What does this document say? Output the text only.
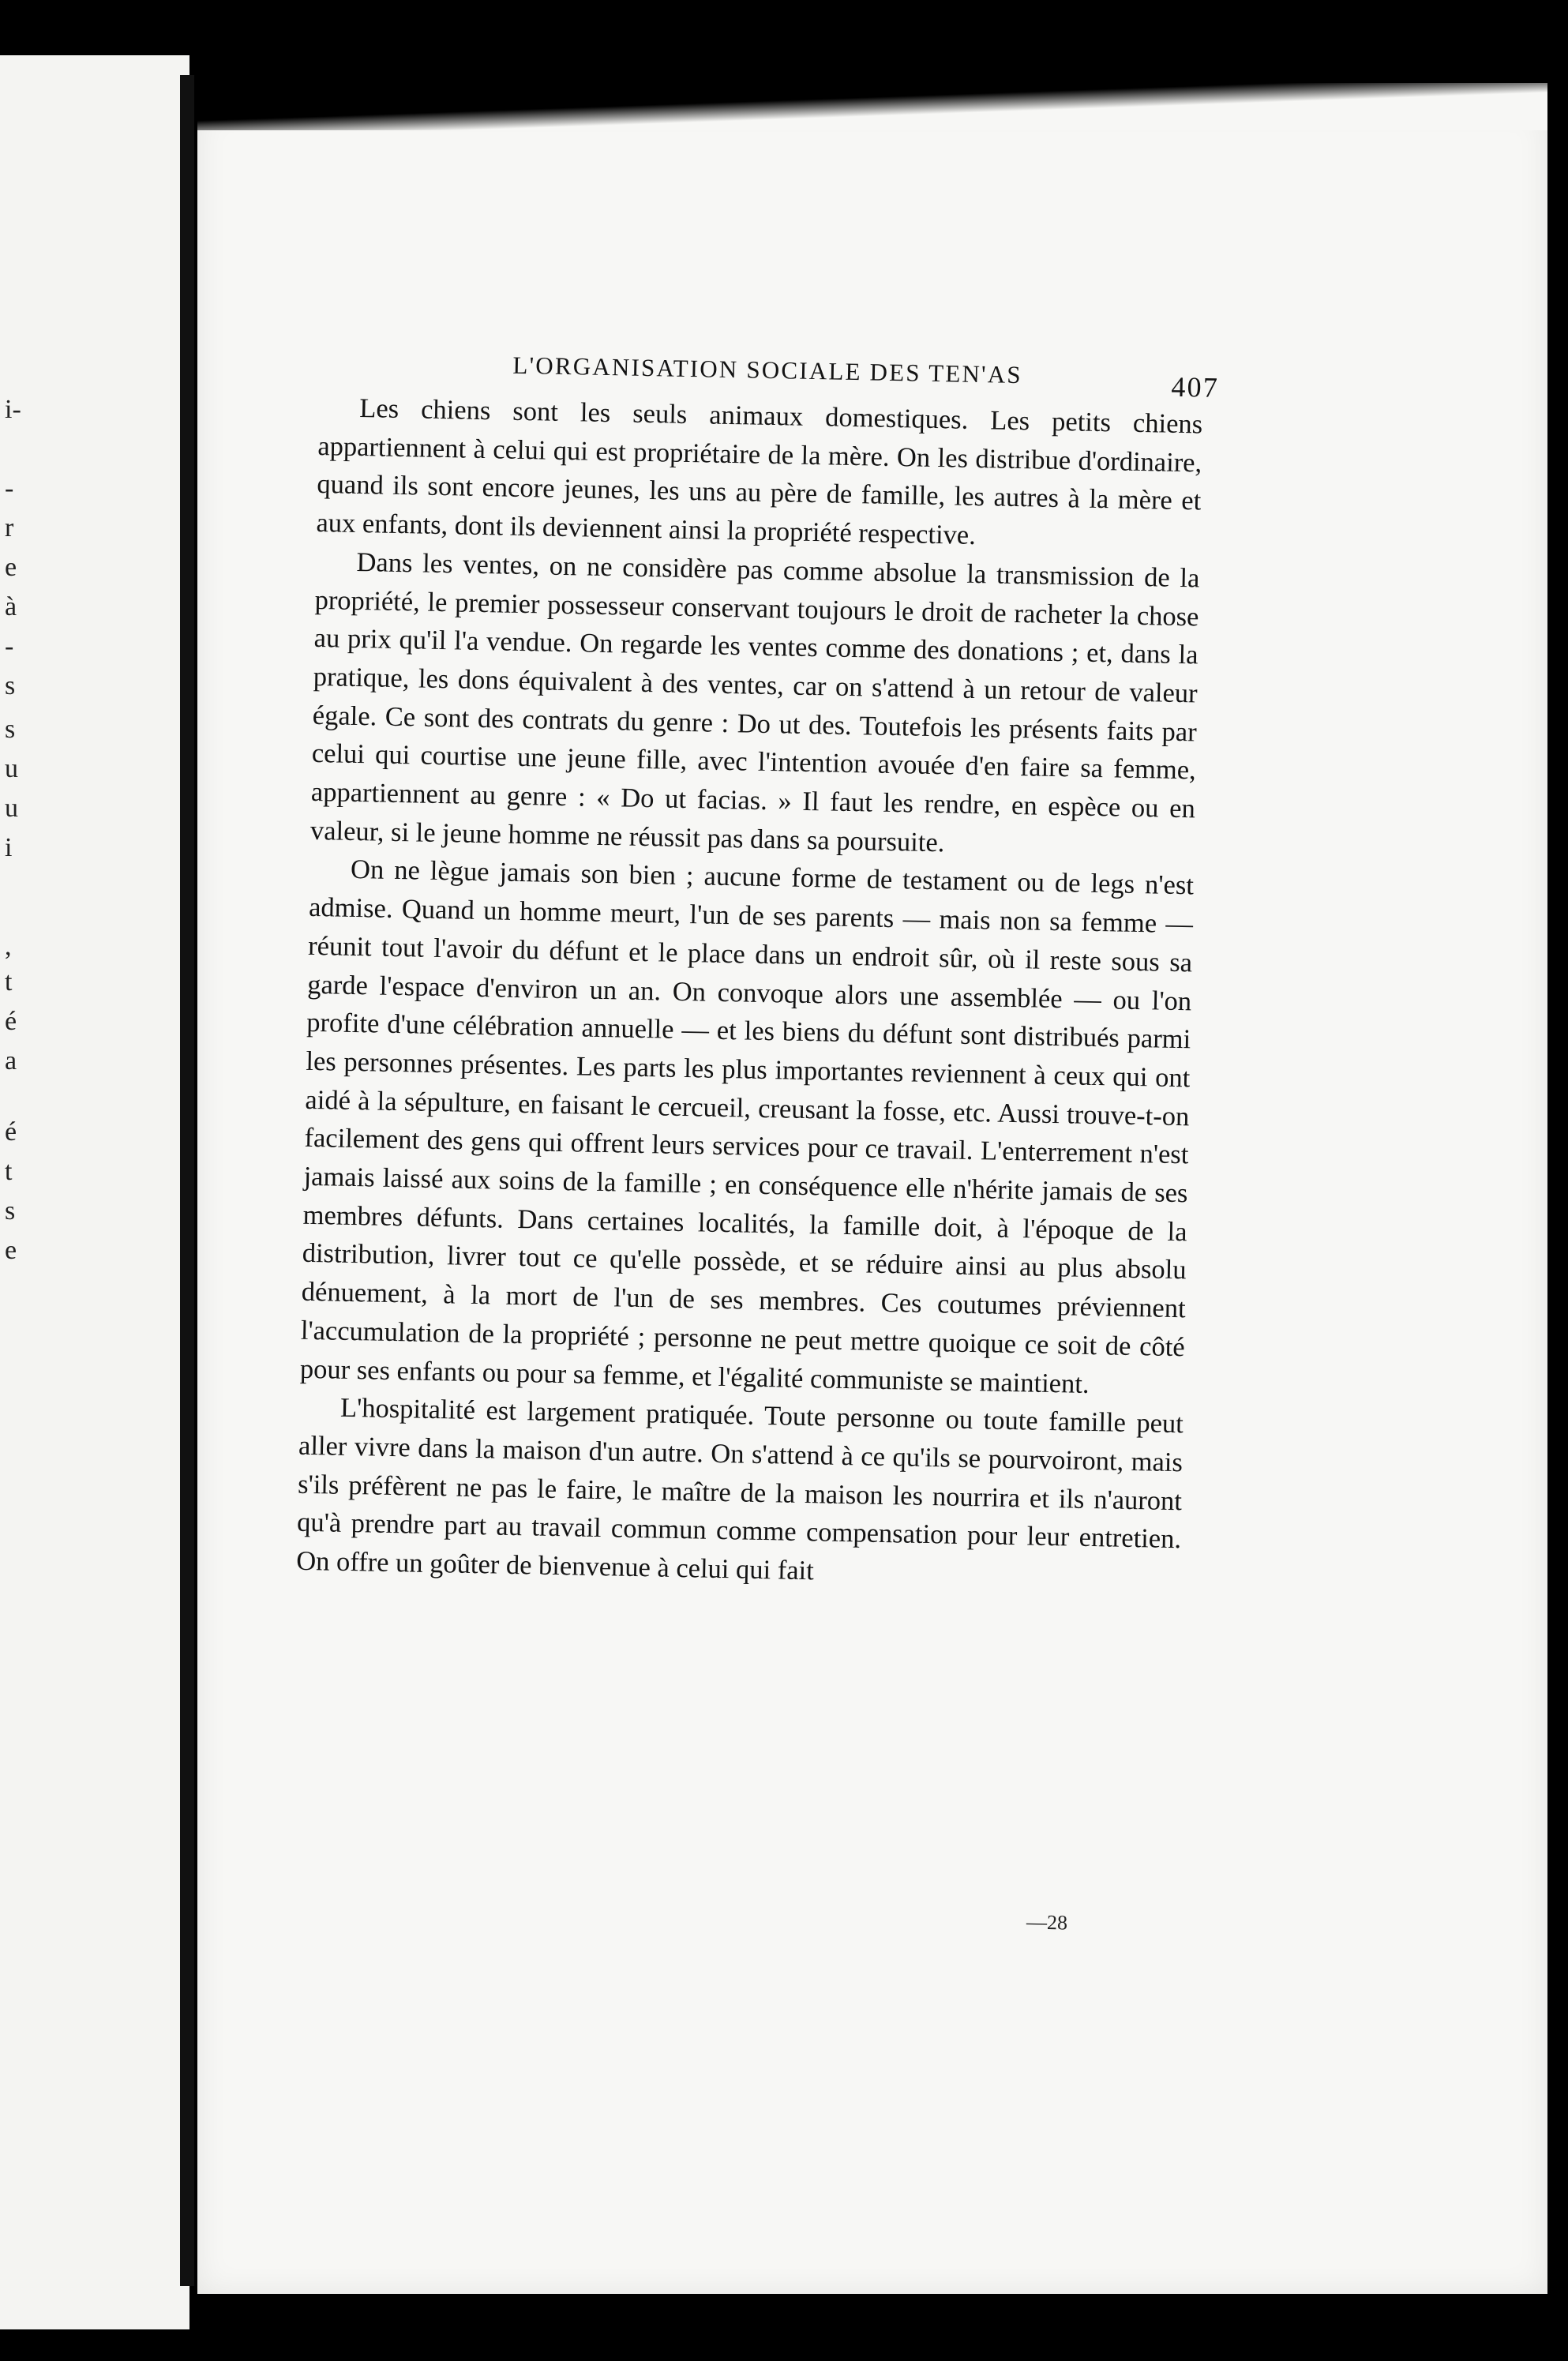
i-
-
r
e
à
-
s
s
u
u
i
,
t
é
a
é
t
s
e
L'ORGANISATION SOCIALE DES TEN'AS	407

Les chiens sont les seuls animaux domestiques. Les petits chiens appartiennent à celui qui est propriétaire de la mère. On les distribue d'ordinaire, quand ils sont encore jeunes, les uns au père de famille, les autres à la mère et aux enfants, dont ils deviennent ainsi la propriété respective.

Dans les ventes, on ne considère pas comme absolue la transmission de la propriété, le premier possesseur conservant toujours le droit de racheter la chose au prix qu'il l'a vendue. On regarde les ventes comme des donations ; et, dans la pratique, les dons équivalent à des ventes, car on s'attend à un retour de valeur égale. Ce sont des contrats du genre : Do ut des. Toutefois les présents faits par celui qui courtise une jeune fille, avec l'intention avouée d'en faire sa femme, appartiennent au genre : « Do ut facias. » Il faut les rendre, en espèce ou en valeur, si le jeune homme ne réussit pas dans sa poursuite.

On ne lègue jamais son bien ; aucune forme de testament ou de legs n'est admise. Quand un homme meurt, l'un de ses parents — mais non sa femme — réunit tout l'avoir du défunt et le place dans un endroit sûr, où il reste sous sa garde l'espace d'environ un an. On convoque alors une assemblée — ou l'on profite d'une célébration annuelle — et les biens du défunt sont distribués parmi les personnes présentes. Les parts les plus importantes reviennent à ceux qui ont aidé à la sépulture, en faisant le cercueil, creusant la fosse, etc. Aussi trouve-t-on facilement des gens qui offrent leurs services pour ce travail. L'enterrement n'est jamais laissé aux soins de la famille ; en conséquence elle n'hérite jamais de ses membres défunts. Dans certaines localités, la famille doit, à l'époque de la distribution, livrer tout ce qu'elle possède, et se réduire ainsi au plus absolu dénuement, à la mort de l'un de ses membres. Ces coutumes préviennent l'accumulation de la propriété ; personne ne peut mettre quoique ce soit de côté pour ses enfants ou pour sa femme, et l'égalité communiste se maintient.

L'hospitalité est largement pratiquée. Toute personne ou toute famille peut aller vivre dans la maison d'un autre. On s'attend à ce qu'ils se pourvoiront, mais s'ils préfèrent ne pas le faire, le maître de la maison les nourrira et ils n'auront qu'à prendre part au travail commun comme compensation pour leur entretien. On offre un goûter de bienvenue à celui qui fait

—28
